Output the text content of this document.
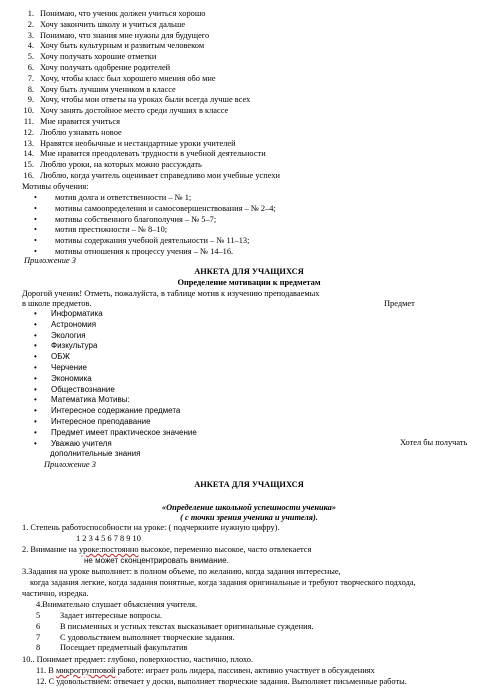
1. Понимаю, что ученик должен учиться хорошо
2. Хочу закончить школу и учиться дальше
3. Понимаю, что знания мне нужны для будущего
4. Хочу быть культурным и развитым человеком
5. Хочу получать хорошие отметки
6. Хочу получать одобрение родителей
7. Хочу, чтобы класс был хорошего мнения обо мне
8. Хочу быть лучшим учеником в классе
9. Хочу, чтобы мои ответы на уроках были всегда лучше всех
10. Хочу занять достойное место среди лучших в классе
11. Мне нравится учиться
12. Люблю узнавать новое
13. Нравятся необычные и нестандартные уроки учителей
14. Мне нравится преодолевать трудности в учебной деятельности
15. Люблю уроки, на которых можно рассуждать
16. Люблю, когда учитель оценивает справедливо мои учебные успехи
Мотивы обучения:
• мотив долга и ответственности – № 1;
• мотивы самоопределения и самосовершенствования – № 2–4;
• мотивы собственного благополучия – № 5–7;
• мотив престижности – № 8–10;
• мотивы содержания учебной деятельности – № 11–13;
• мотивы отношения к процессу учения – № 14–16.
Приложение 3
АНКЕТА ДЛЯ УЧАЩИХСЯ
Определение мотивации к предметам
Дорогой ученик! Отметь, пожалуйста, в таблице мотив к изучению преподаваемых
в школе предметов.	Предмет
• Информатика
• Астрономия
• Экология
• Физкультура
• ОБЖ
• Черчение
• Экономика
• Обществознание
• Математика Мотивы:
• Интересное содержание предмета
• Интересное преподавание
• Предмет имеет практическое значение
• Уважаю учителя	Хотел бы получать
дополнительные знания
Приложение 3
АНКЕТА ДЛЯ УЧАЩИХСЯ
«Определение школьной успешности ученика»
( с точки зрения ученика и учителя).
1. Степень работоспособности на уроке: ( подчеркните нужную цифру).
1 2 3 4 5 6 7 8 9 10
2. Внимание на уроке:постоянно высокое, переменно высокое, часто отвлекается
не может сконцентрировать внимание.
3.Задания на уроке выполняет: в полном объеме, по желанию, когда задания интересные,
когда задания легкие, когда задания понятные, когда задания оригинальные и требуют творческого подхода,
частично, изредка.
4.Внимательно слушает объяснения учителя.
5 Задает интересные вопросы.
6 В письменных и устных текстах высказывает оригинальные суждения.
7 С удовольствием выполняет творческие задания.
8 Посещает предметный факультатив
10.. Понимает предмет: глубоко, поверхностно, частично, плохо.
11. В микрогрупповой работе: играет роль лидера, пассивен, активно участвует в обсуждениях
12. С удовольствием: отвечает у доски, выполняет творческие задания. Выполняет письменные работы.
